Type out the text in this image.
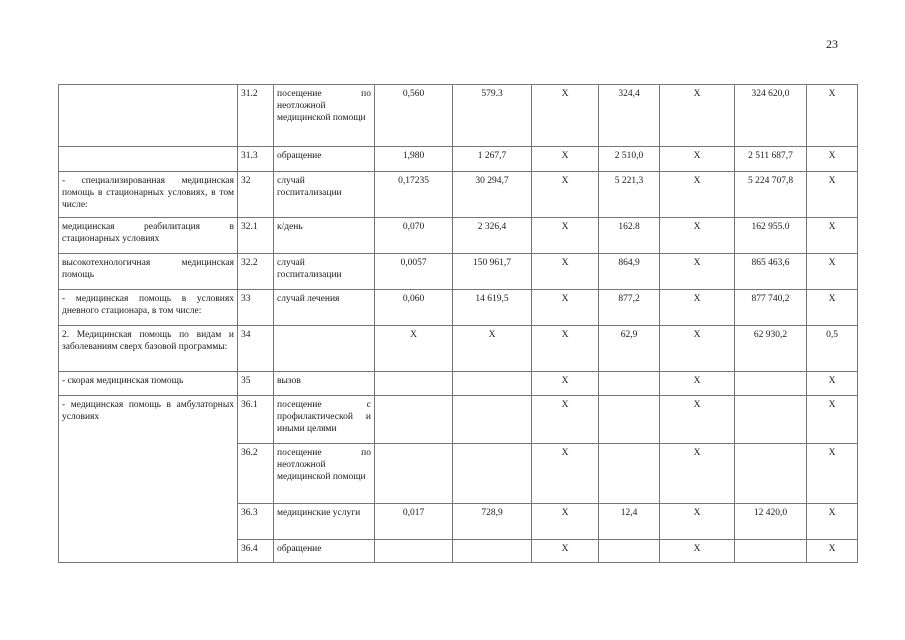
23
	31.2	посещение по неотложной медицинской помощи	0,560	579.3	Х	324,4	Х	324 620,0	Х
	31.3	обращение	1,980	1 267,7	Х	2 510,0	Х	2 511 687,7	Х
- специализированная медицинская помощь в стационарных условиях, в том числе:	32	случай госпитализации	0,17235	30 294,7	Х	5 221,3	Х	5 224 707,8	Х
медицинская реабилитация в стационарных условиях	32.1	к/день	0,070	2 326,4	Х	162.8	Х	162 955.0	Х
высокотехнологичная медицинская помощь	32.2	случай госпитализации	0,0057	150 961,7	Х	864,9	Х	865 463,6	Х
- медицинская помощь в условиях дневного стационара, в том числе:	33	случай лечения	0,060	14 619,5	Х	877,2	Х	877 740,2	Х
2. Медицинская помощь по видам и заболеваниям сверх базовой программы:	34		Х	Х	Х	62,9	Х	62 930,2	0,5
- скорая медицинская помощь	35	вызов			Х		Х		Х
- медицинская помощь в амбулаторных условиях	36.1	посещение с профилактической и иными целями			Х		Х		Х
	36.2	посещение по неотложной медицинской помощи			Х		Х		Х
	36.3	медицинские услуги	0,017	728,9	Х	12,4	Х	12 420,0	Х
	36.4	обращение			Х		Х		Х
